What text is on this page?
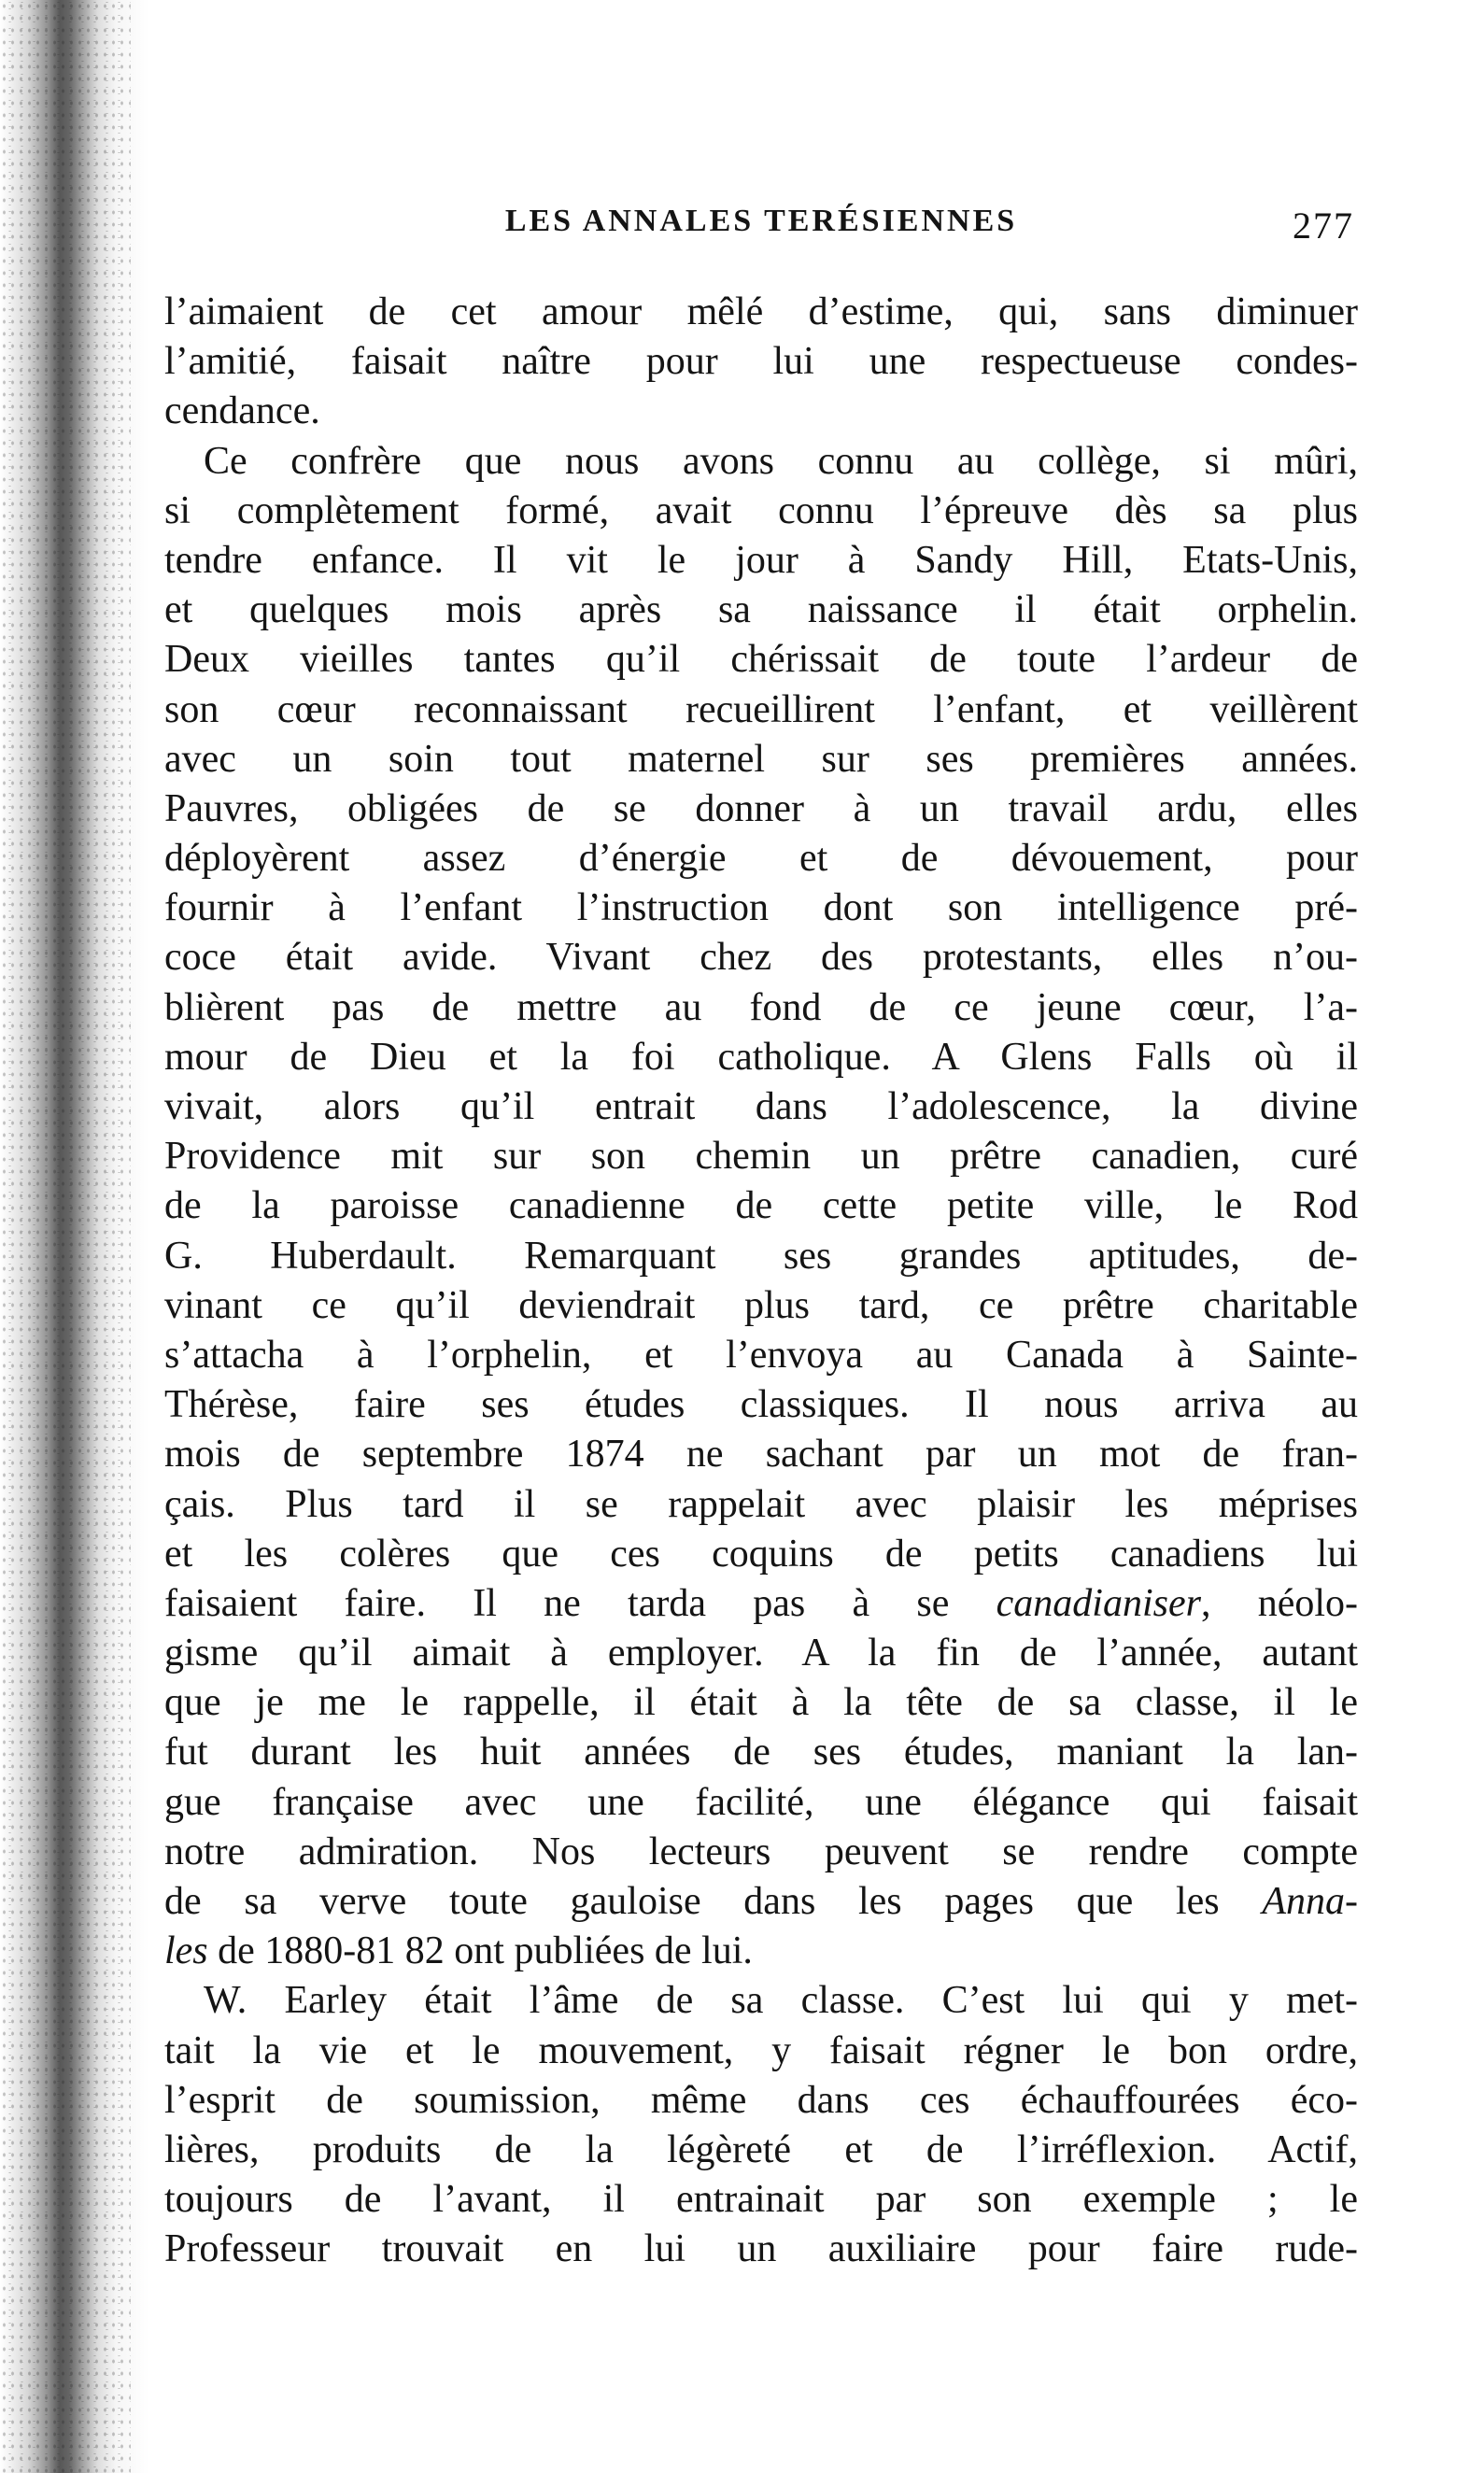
LES ANNALES TERÉSIENNES	277
l’aimaient de cet amour mêlé d’estime, qui, sans diminuer
l’amitié, faisait naître pour lui une respectueuse condes-
cendance.
Ce confrère que nous avons connu au collège, si mûri,
si complètement formé, avait connu l’épreuve dès sa plus
tendre enfance. Il vit le jour à Sandy Hill, Etats-Unis,
et quelques mois après sa naissance il était orphelin.
Deux vieilles tantes qu’il chérissait de toute l’ardeur de
son cœur reconnaissant recueillirent l’enfant, et veillèrent
avec un soin tout maternel sur ses premières années.
Pauvres, obligées de se donner à un travail ardu, elles
déployèrent assez d’énergie et de dévouement, pour
fournir à l’enfant l’instruction dont son intelligence pré-
coce était avide. Vivant chez des protestants, elles n’ou-
blièrent pas de mettre au fond de ce jeune cœur, l’a-
mour de Dieu et la foi catholique. A Glens Falls où il
vivait, alors qu’il entrait dans l’adolescence, la divine
Providence mit sur son chemin un prêtre canadien, curé
de la paroisse canadienne de cette petite ville, le Rod
G. Huberdault. Remarquant ses grandes aptitudes, de-
vinant ce qu’il deviendrait plus tard, ce prêtre charitable
s’attacha à l’orphelin, et l’envoya au Canada à Sainte-
Thérèse, faire ses études classiques. Il nous arriva au
mois de septembre 1874 ne sachant par un mot de fran-
çais. Plus tard il se rappelait avec plaisir les méprises
et les colères que ces coquins de petits canadiens lui
faisaient faire. Il ne tarda pas à se canadianiser, néolo-
gisme qu’il aimait à employer. A la fin de l’année, autant
que je me le rappelle, il était à la tête de sa classe, il le
fut durant les huit années de ses études, maniant la lan-
gue française avec une facilité, une élégance qui faisait
notre admiration. Nos lecteurs peuvent se rendre compte
de sa verve toute gauloise dans les pages que les Anna-
les de 1880-81 82 ont publiées de lui.
W. Earley était l’âme de sa classe. C’est lui qui y met-
tait la vie et le mouvement, y faisait régner le bon ordre,
l’esprit de soumission, même dans ces échauffourées éco-
lières, produits de la légèreté et de l’irréflexion. Actif,
toujours de l’avant, il entrainait par son exemple ; le
Professeur trouvait en lui un auxiliaire pour faire rude-
